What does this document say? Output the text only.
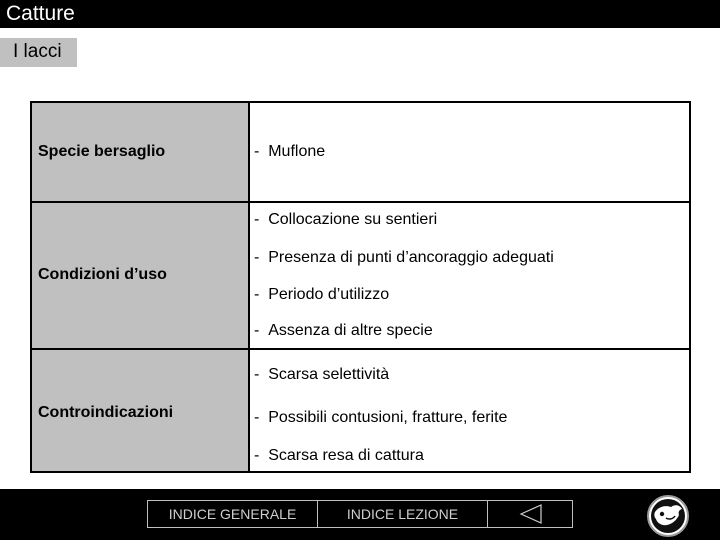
Catture
I lacci
Specie bersaglio	- Muflone
Condizioni d’uso
- Collocazione su sentieri
- Presenza di punti d’ancoraggio adeguati
- Periodo d’utilizzo
- Assenza di altre specie
Controindicazioni
- Scarsa selettività
- Possibili contusioni, fratture, ferite
- Scarsa resa di cattura
INDICE GENERALE	INDICE LEZIONE
